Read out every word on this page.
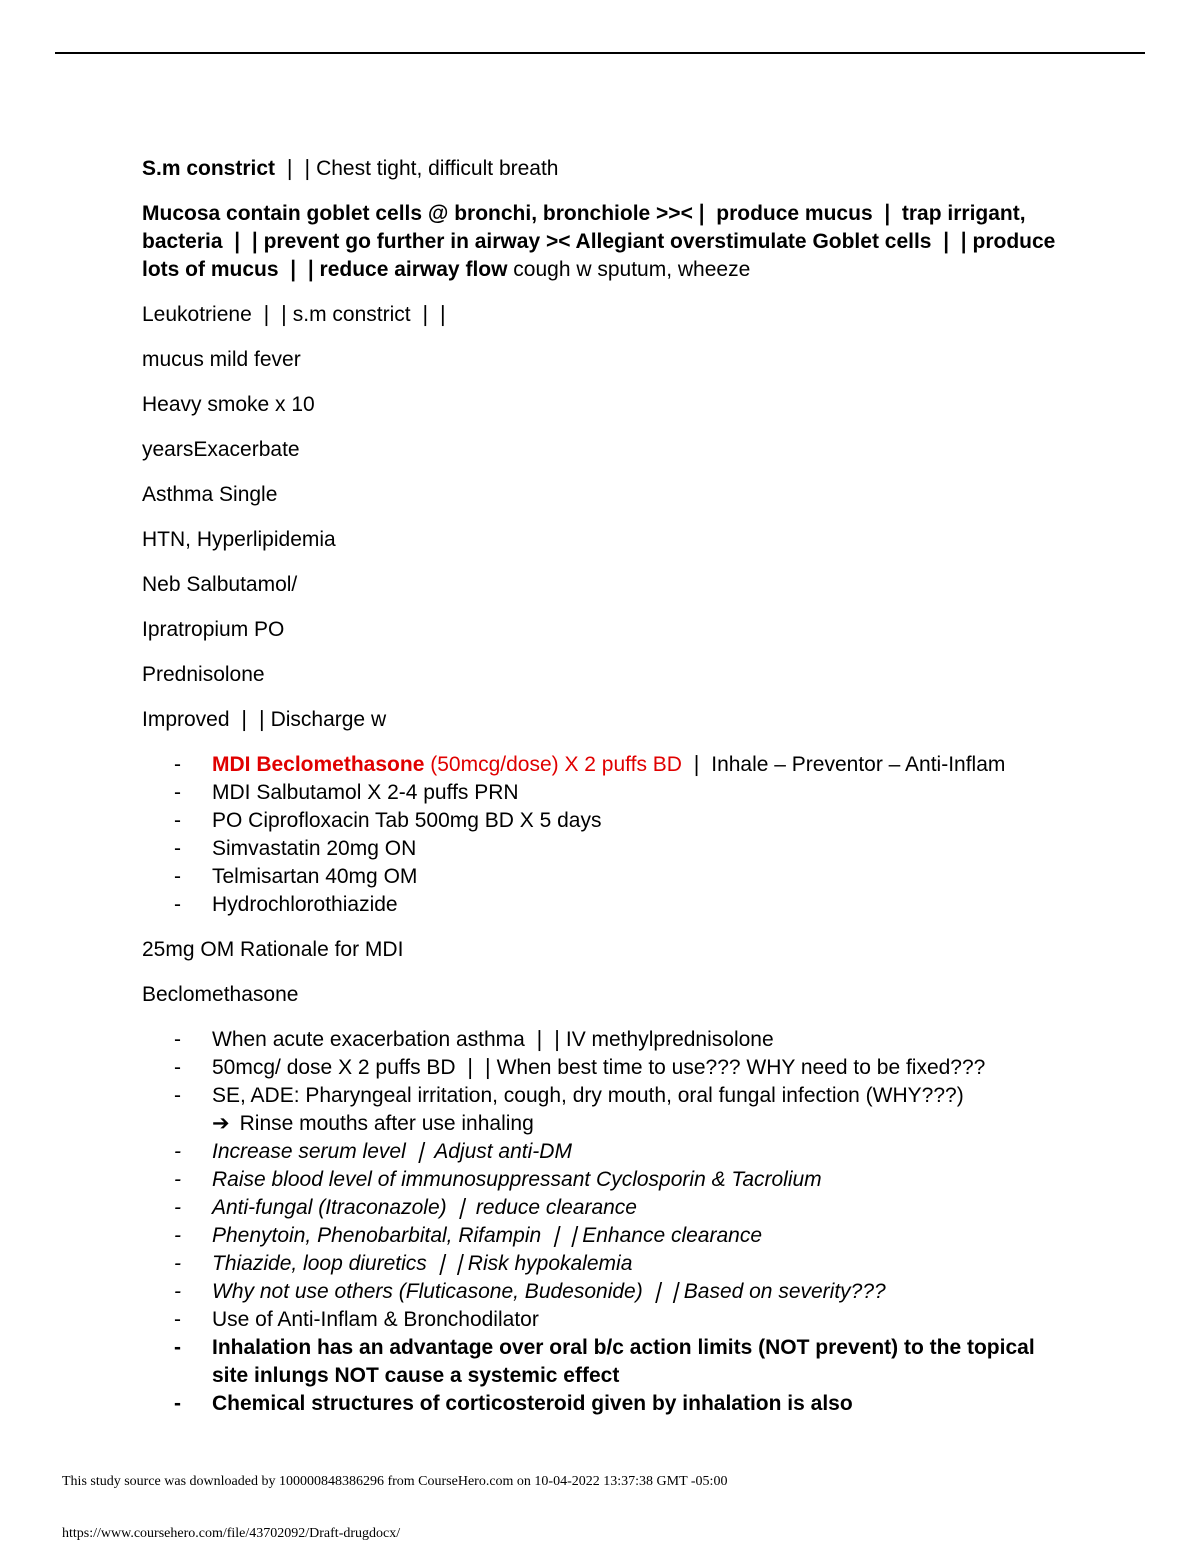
S.m constrict ❘❘Chest tight, difficult breath

Mucosa contain goblet cells @ bronchi, bronchiole >><❘ produce mucus ❘ trap irrigant, bacteria ❘❘prevent go further in airway >< Allegiant overstimulate Goblet cells ❘❘produce lots of mucus ❘❘reduce airway flow cough w sputum, wheeze

Leukotriene ❘❘s.m constrict ❘❘

mucus mild fever

Heavy smoke x 10

yearsExacerbate

Asthma Single

HTN, Hyperlipidemia

Neb Salbutamol/

Ipratropium PO

Prednisolone

Improved ❘❘Discharge w

- MDI Beclomethasone (50mcg/dose) X 2 puffs BD ❘ Inhale – Preventor – Anti-Inflam
- MDI Salbutamol X 2-4 puffs PRN
- PO Ciprofloxacin Tab 500mg BD X 5 days
- Simvastatin 20mg ON
- Telmisartan 40mg OM
- Hydrochlorothiazide

25mg OM Rationale for MDI

Beclomethasone

- When acute exacerbation asthma ❘❘IV methylprednisolone
- 50mcg/ dose X 2 puffs BD ❘❘When best time to use??? WHY need to be fixed???
- SE, ADE: Pharyngeal irritation, cough, dry mouth, oral fungal infection (WHY???)
➔ Rinse mouths after use inhaling
- Increase serum level ❘ Adjust anti-DM
- Raise blood level of immunosuppressant Cyclosporin & Tacrolium
- Anti-fungal (Itraconazole) ❘ reduce clearance
- Phenytoin, Phenobarbital, Rifampin ❘❘Enhance clearance
- Thiazide, loop diuretics ❘❘Risk hypokalemia
- Why not use others (Fluticasone, Budesonide) ❘❘Based on severity???
- Use of Anti-Inflam & Bronchodilator
- Inhalation has an advantage over oral b/c action limits (NOT prevent) to the topical site inlungs NOT cause a systemic effect
- Chemical structures of corticosteroid given by inhalation is also
This study source was downloaded by 100000848386296 from CourseHero.com on 10-04-2022 13:37:38 GMT -05:00
https://www.coursehero.com/file/43702092/Draft-drugdocx/
